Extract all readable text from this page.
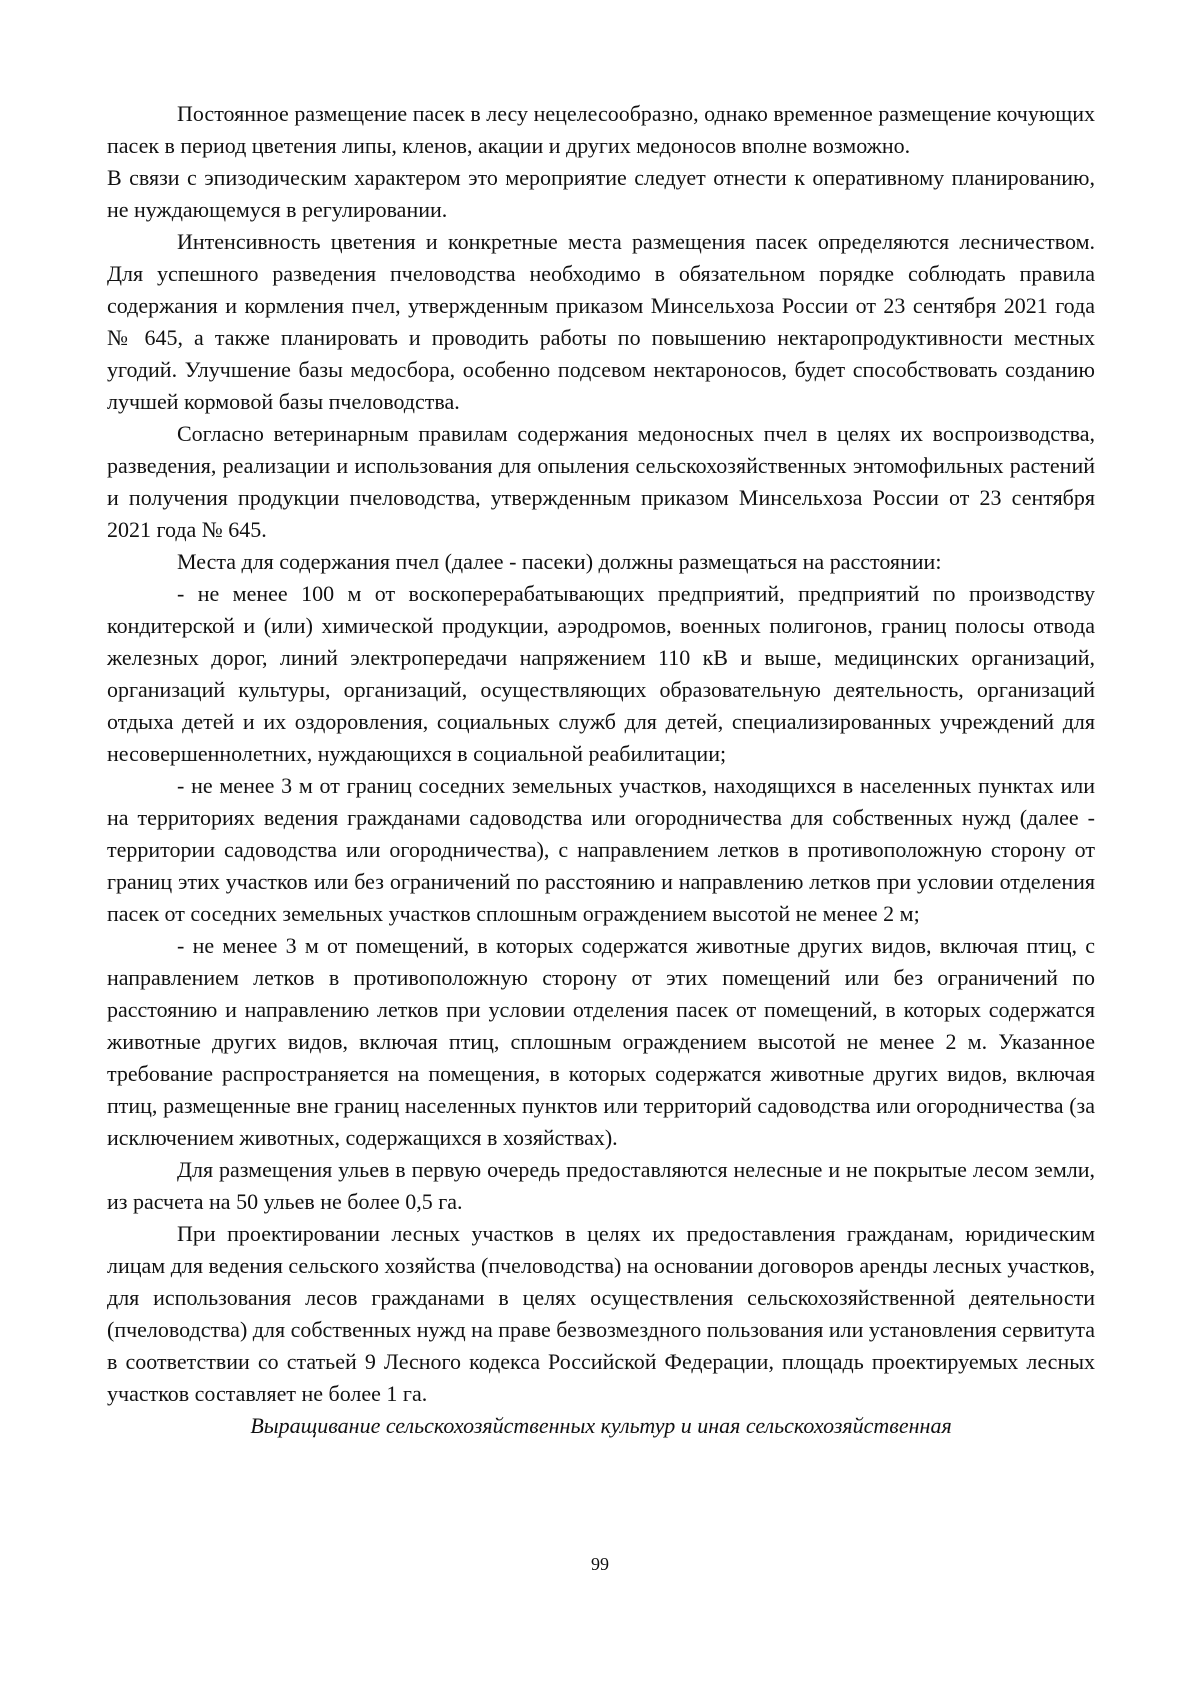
Постоянное размещение пасек в лесу нецелесообразно, однако временное размещение кочующих пасек в период цветения липы, кленов, акации и других медоносов вполне возможно.

В связи с эпизодическим характером это мероприятие следует отнести к оперативному планированию, не нуждающемуся в регулировании.

Интенсивность цветения и конкретные места размещения пасек определяются лесничеством. Для успешного разведения пчеловодства необходимо в обязательном порядке соблюдать правила содержания и кормления пчел, утвержденным приказом Минсельхоза России от 23 сентября 2021 года № 645, а также планировать и проводить работы по повышению нектаропродуктивности местных угодий. Улучшение базы медосбора, особенно подсевом нектароносов, будет способствовать созданию лучшей кормовой базы пчеловодства.

Согласно ветеринарным правилам содержания медоносных пчел в целях их воспроизводства, разведения, реализации и использования для опыления сельскохозяйственных энтомофильных растений и получения продукции пчеловодства, утвержденным приказом Минсельхоза России от 23 сентября 2021 года № 645.

Места для содержания пчел (далее - пасеки) должны размещаться на расстоянии:

- не менее 100 м от воскоперерабатывающих предприятий, предприятий по производству кондитерской и (или) химической продукции, аэродромов, военных полигонов, границ полосы отвода железных дорог, линий электропередачи напряжением 110 кВ и выше, медицинских организаций, организаций культуры, организаций, осуществляющих образовательную деятельность, организаций отдыха детей и их оздоровления, социальных служб для детей, специализированных учреждений для несовершеннолетних, нуждающихся в социальной реабилитации;

- не менее 3 м от границ соседних земельных участков, находящихся в населенных пунктах или на территориях ведения гражданами садоводства или огородничества для собственных нужд (далее - территории садоводства или огородничества), с направлением летков в противоположную сторону от границ этих участков или без ограничений по расстоянию и направлению летков при условии отделения пасек от соседних земельных участков сплошным ограждением высотой не менее 2 м;

- не менее 3 м от помещений, в которых содержатся животные других видов, включая птиц, с направлением летков в противоположную сторону от этих помещений или без ограничений по расстоянию и направлению летков при условии отделения пасек от помещений, в которых содержатся животные других видов, включая птиц, сплошным ограждением высотой не менее 2 м. Указанное требование распространяется на помещения, в которых содержатся животные других видов, включая птиц, размещенные вне границ населенных пунктов или территорий садоводства или огородничества (за исключением животных, содержащихся в хозяйствах).

Для размещения ульев в первую очередь предоставляются нелесные и не покрытые лесом земли, из расчета на 50 ульев не более 0,5 га.

При проектировании лесных участков в целях их предоставления гражданам, юридическим лицам для ведения сельского хозяйства (пчеловодства) на основании договоров аренды лесных участков, для использования лесов гражданами в целях осуществления сельскохозяйственной деятельности (пчеловодства) для собственных нужд на праве безвозмездного пользования или установления сервитута в соответствии со статьей 9 Лесного кодекса Российской Федерации, площадь проектируемых лесных участков составляет не более 1 га.

Выращивание сельскохозяйственных культур и иная сельскохозяйственная

99
